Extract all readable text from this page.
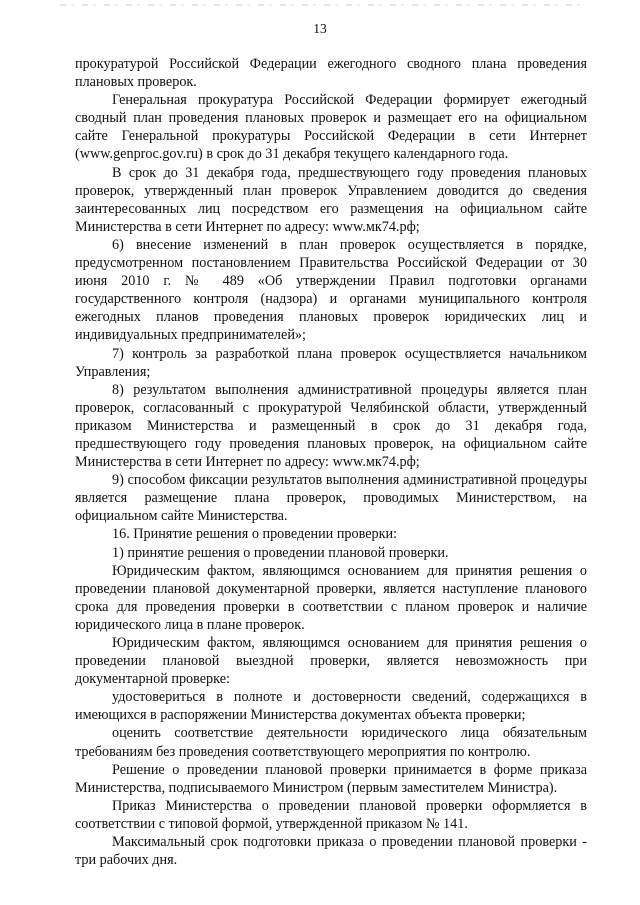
13

прокуратурой Российской Федерации ежегодного сводного плана проведения плановых проверок.

Генеральная прокуратура Российской Федерации формирует ежегодный сводный план проведения плановых проверок и размещает его на официальном сайте Генеральной прокуратуры Российской Федерации в сети Интернет (www.genproc.gov.ru) в срок до 31 декабря текущего календарного года.

В срок до 31 декабря года, предшествующего году проведения плановых проверок, утвержденный план проверок Управлением доводится до сведения заинтересованных лиц посредством его размещения на официальном сайте Министерства в сети Интернет по адресу: www.мк74.рф;

6) внесение изменений в план проверок осуществляется в порядке, предусмотренном постановлением Правительства Российской Федерации от 30 июня 2010 г. № 489 «Об утверждении Правил подготовки органами государственного контроля (надзора) и органами муниципального контроля ежегодных планов проведения плановых проверок юридических лиц и индивидуальных предпринимателей»;

7) контроль за разработкой плана проверок осуществляется начальником Управления;

8) результатом выполнения административной процедуры является план проверок, согласованный с прокуратурой Челябинской области, утвержденный приказом Министерства и размещенный в срок до 31 декабря года, предшествующего году проведения плановых проверок, на официальном сайте Министерства в сети Интернет по адресу: www.мк74.рф;

9) способом фиксации результатов выполнения административной процедуры является размещение плана проверок, проводимых Министерством, на официальном сайте Министерства.

16. Принятие решения о проведении проверки:

1) принятие решения о проведении плановой проверки.

Юридическим фактом, являющимся основанием для принятия решения о проведении плановой документарной проверки, является наступление планового срока для проведения проверки в соответствии с планом проверок и наличие юридического лица в плане проверок.

Юридическим фактом, являющимся основанием для принятия решения о проведении плановой выездной проверки, является невозможность при документарной проверке:

удостовериться в полноте и достоверности сведений, содержащихся в имеющихся в распоряжении Министерства документах объекта проверки;

оценить соответствие деятельности юридического лица обязательным требованиям без проведения соответствующего мероприятия по контролю.

Решение о проведении плановой проверки принимается в форме приказа Министерства, подписываемого Министром (первым заместителем Министра).

Приказ Министерства о проведении плановой проверки оформляется в соответствии с типовой формой, утвержденной приказом № 141.

Максимальный срок подготовки приказа о проведении плановой проверки - три рабочих дня.
